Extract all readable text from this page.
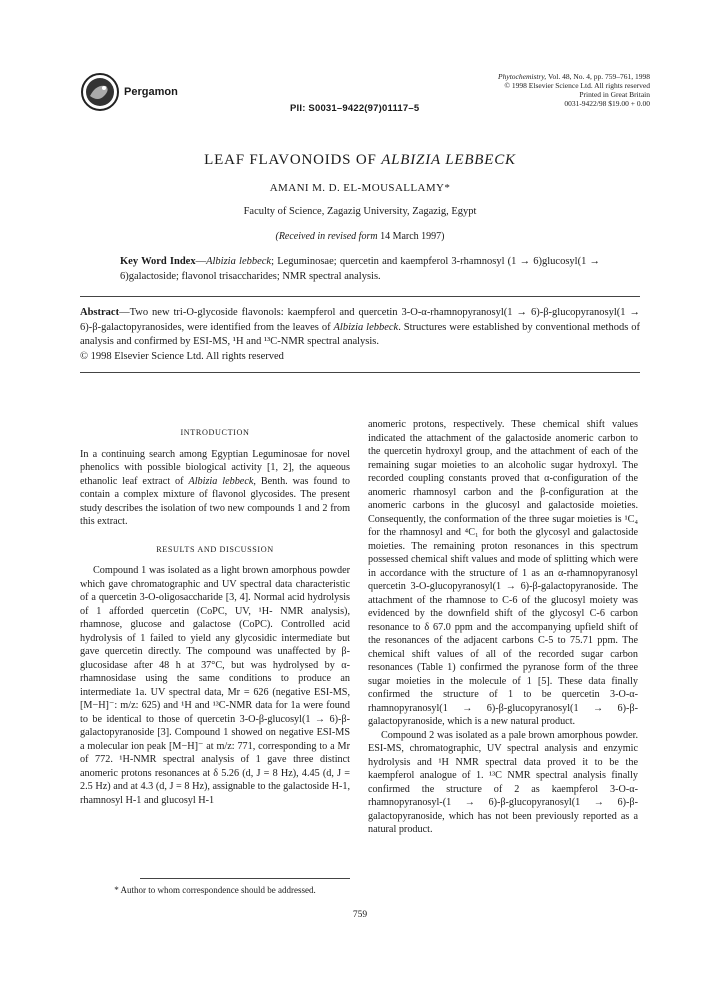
Pergamon
Phytochemistry, Vol. 48, No. 4, pp. 759–761, 1998
© 1998 Elsevier Science Ltd. All rights reserved
Printed in Great Britain
0031-9422/98 $19.00 + 0.00
PII: S0031–9422(97)01117–5
LEAF FLAVONOIDS OF ALBIZIA LEBBECK
AMANI M. D. EL-MOUSALLAMY*
Faculty of Science, Zagazig University, Zagazig, Egypt
(Received in revised form 14 March 1997)
Key Word Index—Albizia lebbeck; Leguminosae; quercetin and kaempferol 3-rhamnosyl (1 → 6)glucosyl(1 → 6)galactoside; flavonol trisaccharides; NMR spectral analysis.
Abstract—Two new tri-O-glycoside flavonols: kaempferol and quercetin 3-O-α-rhamnopyranosyl(1 → 6)-β-glucopyranosyl(1 → 6)-β-galactopyranosides, were identified from the leaves of Albizia lebbeck. Structures were established by conventional methods of analysis and confirmed by ESI-MS, ¹H and ¹³C-NMR spectral analysis.
© 1998 Elsevier Science Ltd. All rights reserved
INTRODUCTION

In a continuing search among Egyptian Leguminosae for novel phenolics with possible biological activity [1, 2], the aqueous ethanolic leaf extract of Albizia lebbeck, Benth. was found to contain a complex mixture of flavonol glycosides. The present study describes the isolation of two new compounds 1 and 2 from this extract.

RESULTS AND DISCUSSION

Compound 1 was isolated as a light brown amorphous powder which gave chromatographic and UV spectral data characteristic of a quercetin 3-O-oligosaccharide [3, 4]. Normal acid hydrolysis of 1 afforded quercetin (CoPC, UV, ¹H- NMR analysis), rhamnose, glucose and galactose (CoPC). Controlled acid hydrolysis of 1 failed to yield any glycosidic intermediate but gave quercetin directly. The compound was unaffected by β-glucosidase after 48 h at 37°C, but was hydrolysed by α-rhamnosidase using the same conditions to produce an intermediate 1a. UV spectral data, Mr = 626 (negative ESI-MS, [M−H]⁻: m/z: 625) and ¹H and ¹³C-NMR data for 1a were found to be identical to those of quercetin 3-O-β-glucosyl(1 → 6)-β-galactopyranoside [3]. Compound 1 showed on negative ESI-MS a molecular ion peak [M−H]⁻ at m/z: 771, corresponding to a Mr of 772. ¹H-NMR spectral analysis of 1 gave three distinct anomeric protons resonances at δ 5.26 (d, J = 8 Hz), 4.45 (d, J = 2.5 Hz) and at 4.3 (d, J = 8 Hz), assignable to the galactoside H-1, rhamnosyl H-1 and glucosyl H-1

anomeric protons, respectively. These chemical shift values indicated the attachment of the galactoside anomeric carbon to the quercetin hydroxyl group, and the attachment of each of the remaining sugar moieties to an alcoholic sugar hydroxyl. The recorded coupling constants proved that α-configuration of the anomeric rhamnosyl carbon and the β-configuration at the anomeric carbons in the glucosyl and galactoside moieties. Consequently, the conformation of the three sugar moieties is ¹C₄ for the rhamnosyl and ⁴C₁ for both the glycosyl and galactoside moieties. The remaining proton resonances in this spectrum possessed chemical shift values and mode of splitting which were in accordance with the structure of 1 as an α-rhamnopyranosyl quercetin 3-O-glucopyranosyl(1 → 6)-β-galactopyranoside. The attachment of the rhamnose to C-6 of the glucosyl moiety was evidenced by the downfield shift of the glycosyl C-6 carbon resonance to δ 67.0 ppm and the accompanying upfield shift of the resonances of the adjacent carbons C-5 to 75.71 ppm. The chemical shift values of all of the recorded sugar carbon resonances (Table 1) confirmed the pyranose form of the three sugar moieties in the molecule of 1 [5]. These data finally confirmed the structure of 1 to be quercetin 3-O-α-rhamnopyranosyl(1 → 6)-β-glucopyranosyl(1 → 6)-β-galactopyranoside, which is a new natural product.

Compound 2 was isolated as a pale brown amorphous powder. ESI-MS, chromatographic, UV spectral analysis and enzymic hydrolysis and ¹H NMR spectral data proved it to be the kaempferol analogue of 1. ¹³C NMR spectral analysis finally confirmed the structure of 2 as kaempferol 3-O-α-rhamnopyranosyl-(1 → 6)-β-glucopyranosyl(1 → 6)-β-galactopyranoside, which has not been previously reported as a natural product.

* Author to whom correspondence should be addressed.
759
